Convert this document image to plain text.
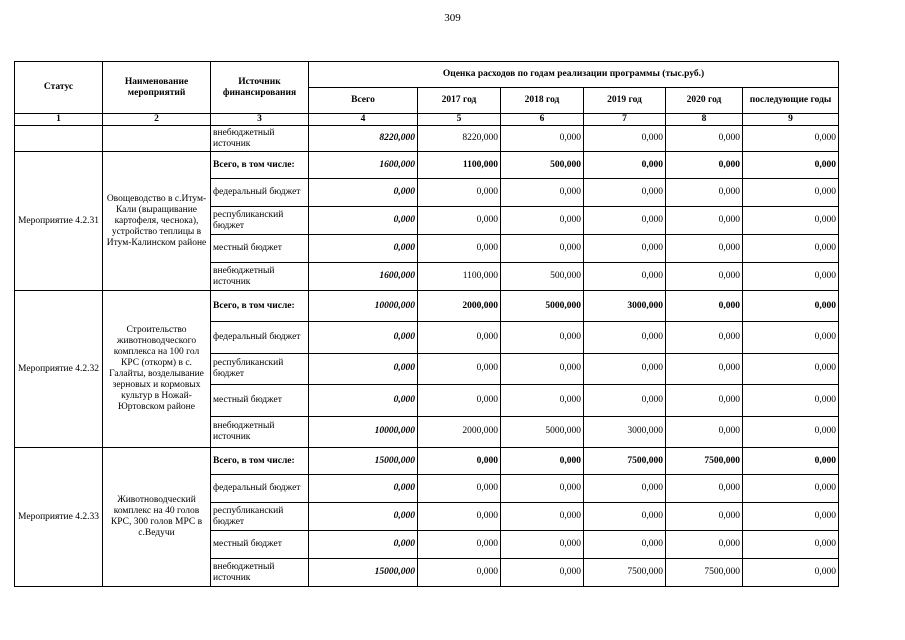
309
Статус	Наименование мероприятий	Источник финансирования	Оценка расходов по годам реализации программы (тыс.руб.)					
			Всего	2017 год	2018 год	2019 год	2020 год	последующие годы
1	2	3	4	5	6	7	8	9
		внебюджетный источник	8220,000	8220,000	0,000	0,000	0,000	0,000
Мероприятие 4.2.31	Овощеводство в с.Итум-Кали (выращивание картофеля, чеснока), устройство теплицы в Итум-Калинском районе	Всего, в том числе:	1600,000	1100,000	500,000	0,000	0,000	0,000
		федеральный бюджет	0,000	0,000	0,000	0,000	0,000	0,000
		республиканский бюджет	0,000	0,000	0,000	0,000	0,000	0,000
		местный бюджет	0,000	0,000	0,000	0,000	0,000	0,000
		внебюджетный источник	1600,000	1100,000	500,000	0,000	0,000	0,000
Мероприятие 4.2.32	Строительство животноводческого комплекса на 100 гол КРС (откорм) в с. Галайты, возделывание зерновых и кормовых культур в Ножай-Юртовском районе	Всего, в том числе:	10000,000	2000,000	5000,000	3000,000	0,000	0,000
		федеральный бюджет	0,000	0,000	0,000	0,000	0,000	0,000
		республиканский бюджет	0,000	0,000	0,000	0,000	0,000	0,000
		местный бюджет	0,000	0,000	0,000	0,000	0,000	0,000
		внебюджетный источник	10000,000	2000,000	5000,000	3000,000	0,000	0,000
Мероприятие 4.2.33	Животноводческий комплекс на 40 голов КРС, 300 голов МРС в с.Ведучи	Всего, в том числе:	15000,000	0,000	0,000	7500,000	7500,000	0,000
		федеральный бюджет	0,000	0,000	0,000	0,000	0,000	0,000
		республиканский бюджет	0,000	0,000	0,000	0,000	0,000	0,000
		местный бюджет	0,000	0,000	0,000	0,000	0,000	0,000
		внебюджетный источник	15000,000	0,000	0,000	7500,000	7500,000	0,000
